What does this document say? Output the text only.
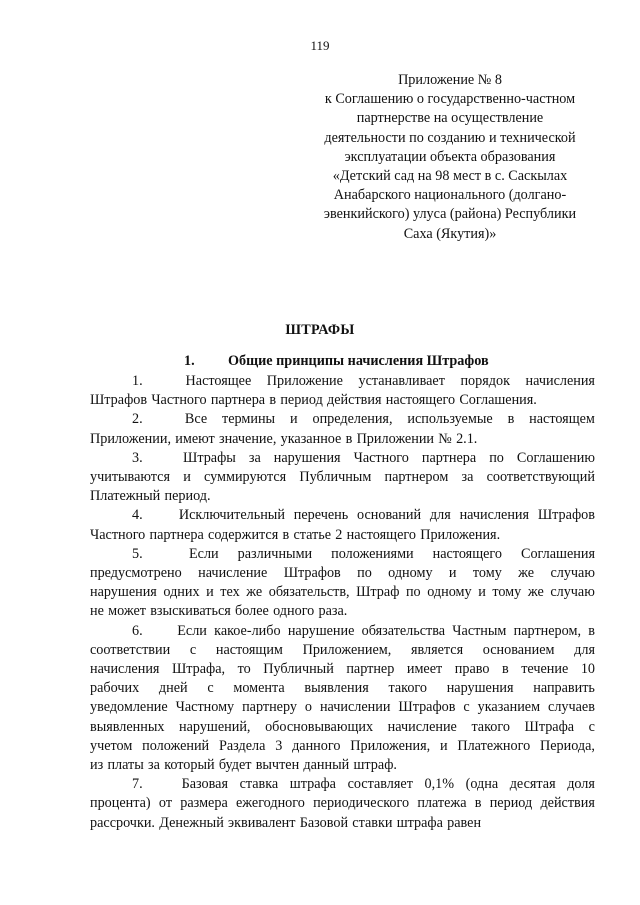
119
Приложение № 8
к Соглашению о государственно-частном
партнерстве на осуществление
деятельности по созданию и технической
эксплуатации объекта образования
«Детский сад на 98 мест в с. Саскылах
Анабарского национального (долгано-
эвенкийского) улуса (района) Республики
Саха (Якутия)»
ШТРАФЫ
1. Общие принципы начисления Штрафов
1.	Настоящее Приложение устанавливает порядок начисления
Штрафов Частного партнера в период действия настоящего Соглашения.
2.	Все термины и определения, используемые в настоящем
Приложении, имеют значение, указанное в Приложении № 2.1.
3.	Штрафы за нарушения Частного партнера по Соглашению
учитываются и суммируются Публичным партнером за соответствующий
Платежный период.
4.	Исключительный перечень оснований для начисления Штрафов
Частного партнера содержится в статье 2 настоящего Приложения.
5.	Если различными положениями настоящего Соглашения
предусмотрено начисление Штрафов по одному и тому же случаю
нарушения одних и тех же обязательств, Штраф по одному и тому же случаю
не может взыскиваться более одного раза.
6.	Если какое-либо нарушение обязательства Частным партнером, в
соответствии с настоящим Приложением, является основанием для
начисления Штрафа, то Публичный партнер имеет право в течение 10
рабочих дней с момента выявления такого нарушения направить
уведомление Частному партнеру о начислении Штрафов с указанием случаев
выявленных нарушений, обосновывающих начисление такого Штрафа с
учетом положений Раздела 3 данного Приложения, и Платежного Периода,
из платы за который будет вычтен данный штраф.
7.	Базовая ставка штрафа составляет 0,1% (одна десятая доля
процента) от размера ежегодного периодического платежа в период действия
рассрочки. Денежный эквивалент Базовой ставки штрафа равен
